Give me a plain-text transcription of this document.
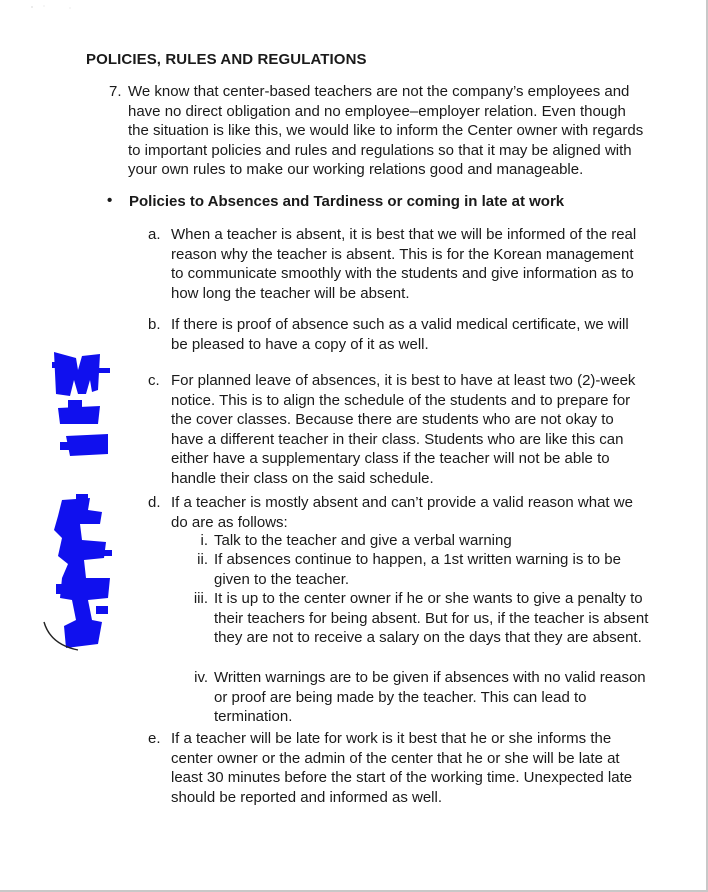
POLICIES, RULES AND REGULATIONS
7. We know that center-based teachers are not the company’s employees and have no direct obligation and no employee–employer relation. Even though the situation is like this, we would like to inform the Center owner with regards to important policies and rules and regulations so that it may be aligned with your own rules to make our working relations good and manageable.
• Policies to Absences and Tardiness or coming in late at work
a. When a teacher is absent, it is best that we will be informed of the real reason why the teacher is absent. This is for the Korean management to communicate smoothly with the students and give information as to how long the teacher will be absent.
b. If there is proof of absence such as a valid medical certificate, we will be pleased to have a copy of it as well.
c. For planned leave of absences, it is best to have at least two (2)-week notice. This is to align the schedule of the students and to prepare for the cover classes. Because there are students who are not okay to have a different teacher in their class. Students who are like this can either have a supplementary class if the teacher will not be able to handle their class on the said schedule.
d. If a teacher is mostly absent and can’t provide a valid reason what we do are as follows:
i. Talk to the teacher and give a verbal warning
ii. If absences continue to happen, a 1st written warning is to be given to the teacher.
iii. It is up to the center owner if he or she wants to give a penalty to their teachers for being absent. But for us, if the teacher is absent they are not to receive a salary on the days that they are absent.
iv. Written warnings are to be given if absences with no valid reason or proof are being made by the teacher. This can lead to termination.
e. If a teacher will be late for work is it best that he or she informs the center owner or the admin of the center that he or she will be late at least 30 minutes before the start of the working time. Unexpected late should be reported and informed as well.
